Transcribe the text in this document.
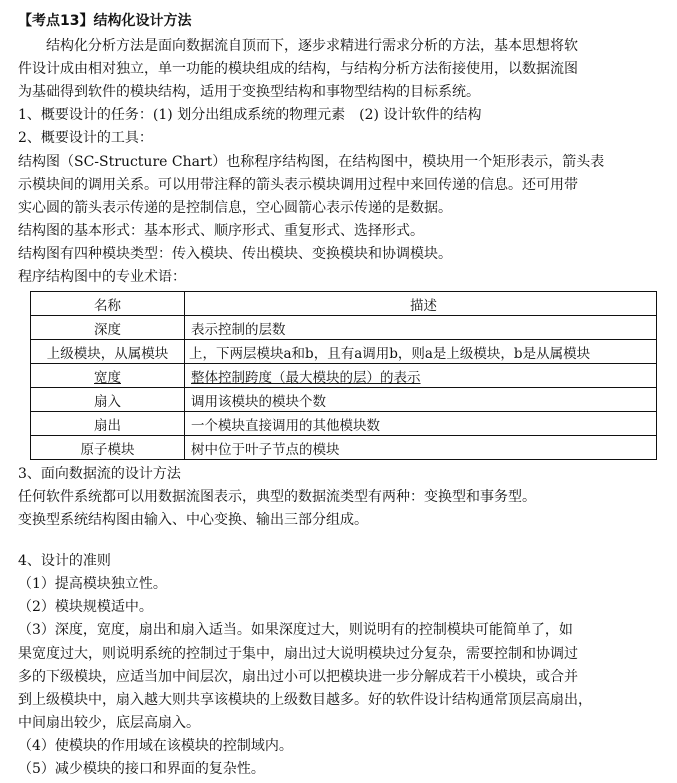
【考点13】结构化设计方法
结构化分析方法是面向数据流自顶而下，逐步求精进行需求分析的方法，基本思想将软
件设计成由相对独立，单一功能的模块组成的结构，与结构分析方法衔接使用，以数据流图
为基础得到软件的模块结构，适用于变换型结构和事物型结构的目标系统。
1、概要设计的任务：(1) 划分出组成系统的物理元素　(2) 设计软件的结构
2、概要设计的工具：
结构图（SC-Structure Chart）也称程序结构图，在结构图中，模块用一个矩形表示，箭头表
示模块间的调用关系。可以用带注释的箭头表示模块调用过程中来回传递的信息。还可用带
实心圆的箭头表示传递的是控制信息，空心圆箭心表示传递的是数据。
结构图的基本形式：基本形式、顺序形式、重复形式、选择形式。
结构图有四种模块类型：传入模块、传出模块、变换模块和协调模块。
程序结构图中的专业术语：
名称	描述
深度	表示控制的层数
上级模块，从属模块	上，下两层模块a和b，且有a调用b，则a是上级模块，b是从属模块
宽度	整体控制跨度（最大模块的层）的表示
扇入	调用该模块的模块个数
扇出	一个模块直接调用的其他模块数
原子模块	树中位于叶子节点的模块
3、面向数据流的设计方法
任何软件系统都可以用数据流图表示，典型的数据流类型有两种：变换型和事务型。
变换型系统结构图由输入、中心变换、输出三部分组成。
4、设计的准则
（1）提高模块独立性。
（2）模块规模适中。
（3）深度，宽度，扇出和扇入适当。如果深度过大，则说明有的控制模块可能简单了，如
果宽度过大，则说明系统的控制过于集中，扇出过大说明模块过分复杂，需要控制和协调过
多的下级模块，应适当加中间层次，扇出过小可以把模块进一步分解成若干小模块，或合并
到上级模块中，扇入越大则共享该模块的上级数目越多。好的软件设计结构通常顶层高扇出，
中间扇出较少，底层高扇入。
（4）使模块的作用域在该模块的控制域内。
（5）减少模块的接口和界面的复杂性。
